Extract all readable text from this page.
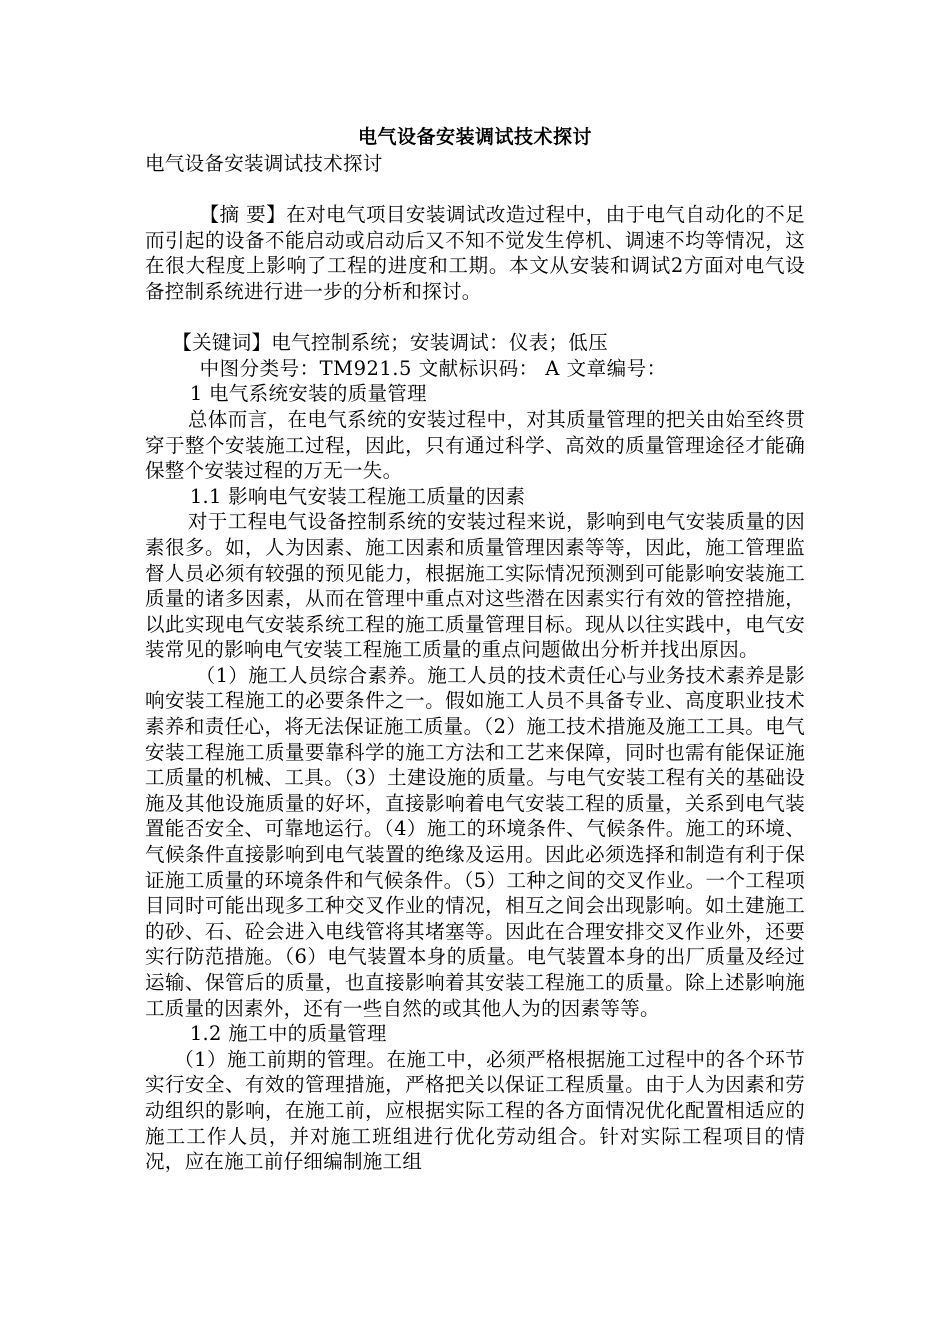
电气设备安装调试技术探讨

电气设备安装调试技术探讨

【摘 要】在对电气项目安装调试改造过程中，由于电气自动化的不足而引起的设备不能启动或启动后又不知不觉发生停机、调速不均等情况，这在很大程度上影响了工程的进度和工期。本文从安装和调试2方面对电气设备控制系统进行进一步的分析和探讨。

【关键词】电气控制系统；安装调试：仪表；低压

中图分类号：TM921.5 文献标识码： A 文章编号：

1 电气系统安装的质量管理

总体而言，在电气系统的安装过程中，对其质量管理的把关由始至终贯穿于整个安装施工过程，因此，只有通过科学、高效的质量管理途径才能确保整个安装过程的万无一失。

1.1 影响电气安装工程施工质量的因素

对于工程电气设备控制系统的安装过程来说，影响到电气安装质量的因素很多。如，人为因素、施工因素和质量管理因素等等，因此，施工管理监督人员必须有较强的预见能力，根据施工实际情况预测到可能影响安装施工质量的诸多因素，从而在管理中重点对这些潜在因素实行有效的管控措施，以此实现电气安装系统工程的施工质量管理目标。现从以往实践中，电气安装常见的影响电气安装工程施工质量的重点问题做出分析并找出原因。

（1）施工人员综合素养。施工人员的技术责任心与业务技术素养是影响安装工程施工的必要条件之一。假如施工人员不具备专业、高度职业技术素养和责任心，将无法保证施工质量。（2）施工技术措施及施工工具。电气安装工程施工质量要靠科学的施工方法和工艺来保障，同时也需有能保证施工质量的机械、工具。（3）土建设施的质量。与电气安装工程有关的基础设施及其他设施质量的好坏，直接影响着电气安装工程的质量，关系到电气装置能否安全、可靠地运行。（4）施工的环境条件、气候条件。施工的环境、气候条件直接影响到电气装置的绝缘及运用。因此必须选择和制造有利于保证施工质量的环境条件和气候条件。（5）工种之间的交叉作业。一个工程项目同时可能出现多工种交叉作业的情况，相互之间会出现影响。如土建施工的砂、石、砼会进入电线管将其堵塞等。因此在合理安排交叉作业外，还要实行防范措施。（6）电气装置本身的质量。电气装置本身的出厂质量及经过运输、保管后的质量，也直接影响着其安装工程施工的质量。除上述影响施工质量的因素外，还有一些自然的或其他人为的因素等等。

1.2 施工中的质量管理

（1）施工前期的管理。在施工中，必须严格根据施工过程中的各个环节实行安全、有效的管理措施，严格把关以保证工程质量。由于人为因素和劳动组织的影响，在施工前，应根据实际工程的各方面情况优化配置相适应的施工工作人员，并对施工班组进行优化劳动组合。针对实际工程项目的情况，应在施工前仔细编制施工组
